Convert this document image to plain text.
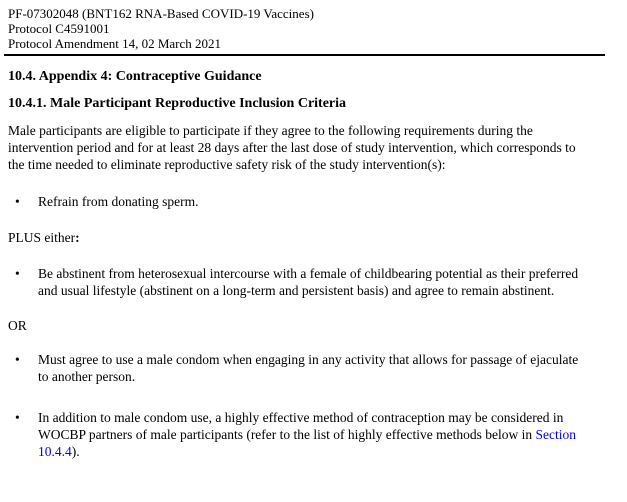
PF-07302048 (BNT162 RNA-Based COVID-19 Vaccines)
Protocol C4591001
Protocol Amendment 14, 02 March 2021
10.4. Appendix 4: Contraceptive Guidance
10.4.1. Male Participant Reproductive Inclusion Criteria
Male participants are eligible to participate if they agree to the following requirements during the intervention period and for at least 28 days after the last dose of study intervention, which corresponds to the time needed to eliminate reproductive safety risk of the study intervention(s):
•	Refrain from donating sperm.
PLUS either:
•	Be abstinent from heterosexual intercourse with a female of childbearing potential as their preferred and usual lifestyle (abstinent on a long-term and persistent basis) and agree to remain abstinent.
OR
•	Must agree to use a male condom when engaging in any activity that allows for passage of ejaculate to another person.
•	In addition to male condom use, a highly effective method of contraception may be considered in WOCBP partners of male participants (refer to the list of highly effective methods below in Section 10.4.4).
